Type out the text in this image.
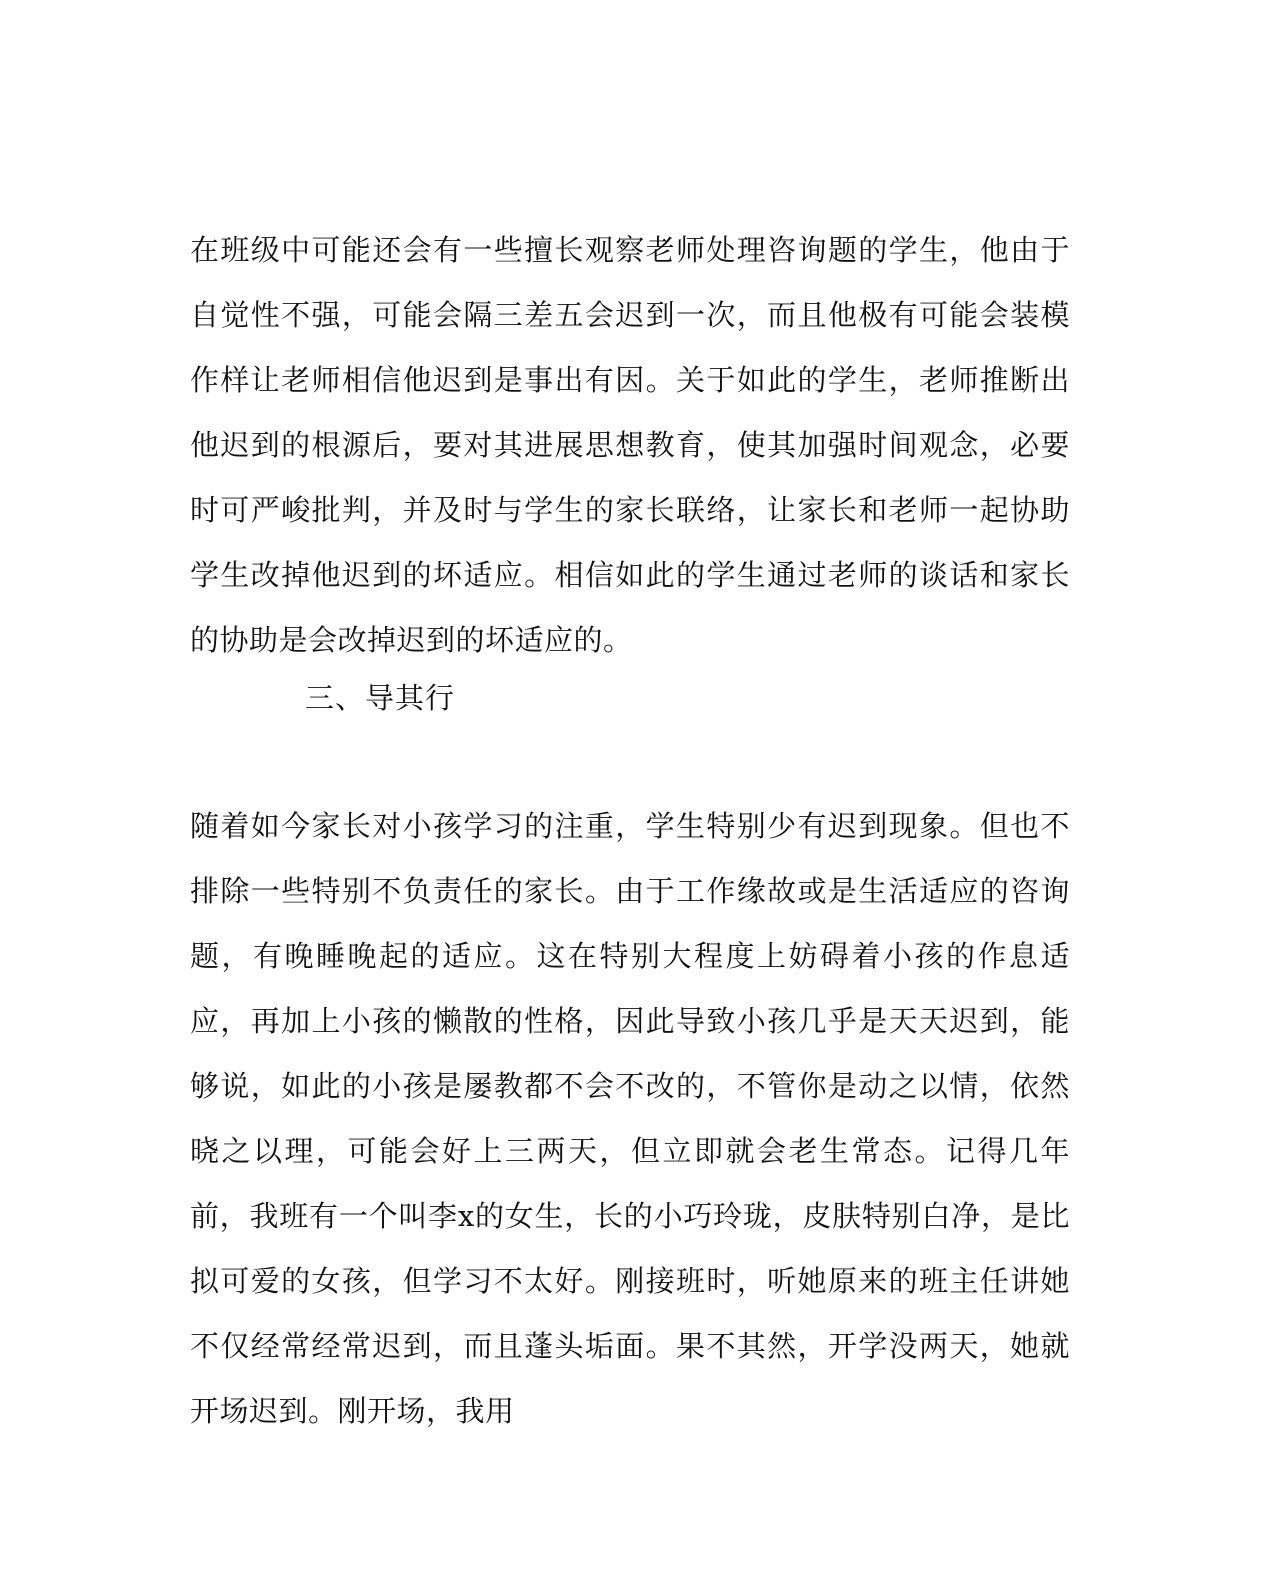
在班级中可能还会有一些擅长观察老师处理咨询题的学生，他由于自觉性不强，可能会隔三差五会迟到一次，而且他极有可能会装模作样让老师相信他迟到是事出有因。关于如此的学生，老师推断出他迟到的根源后，要对其进展思想教育，使其加强时间观念，必要时可严峻批判，并及时与学生的家长联络，让家长和老师一起协助学生改掉他迟到的坏适应。相信如此的学生通过老师的谈话和家长的协助是会改掉迟到的坏适应的。

三、导其行

随着如今家长对小孩学习的注重，学生特别少有迟到现象。但也不排除一些特别不负责任的家长。由于工作缘故或是生活适应的咨询题，有晚睡晚起的适应。这在特别大程度上妨碍着小孩的作息适应，再加上小孩的懒散的性格，因此导致小孩几乎是天天迟到，能够说，如此的小孩是屡教都不会不改的，不管你是动之以情，依然晓之以理，可能会好上三两天，但立即就会老生常态。记得几年前，我班有一个叫李x的女生，长的小巧玲珑，皮肤特别白净，是比拟可爱的女孩，但学习不太好。刚接班时，听她原来的班主任讲她不仅经常经常迟到，而且蓬头垢面。果不其然，开学没两天，她就开场迟到。刚开场，我用
